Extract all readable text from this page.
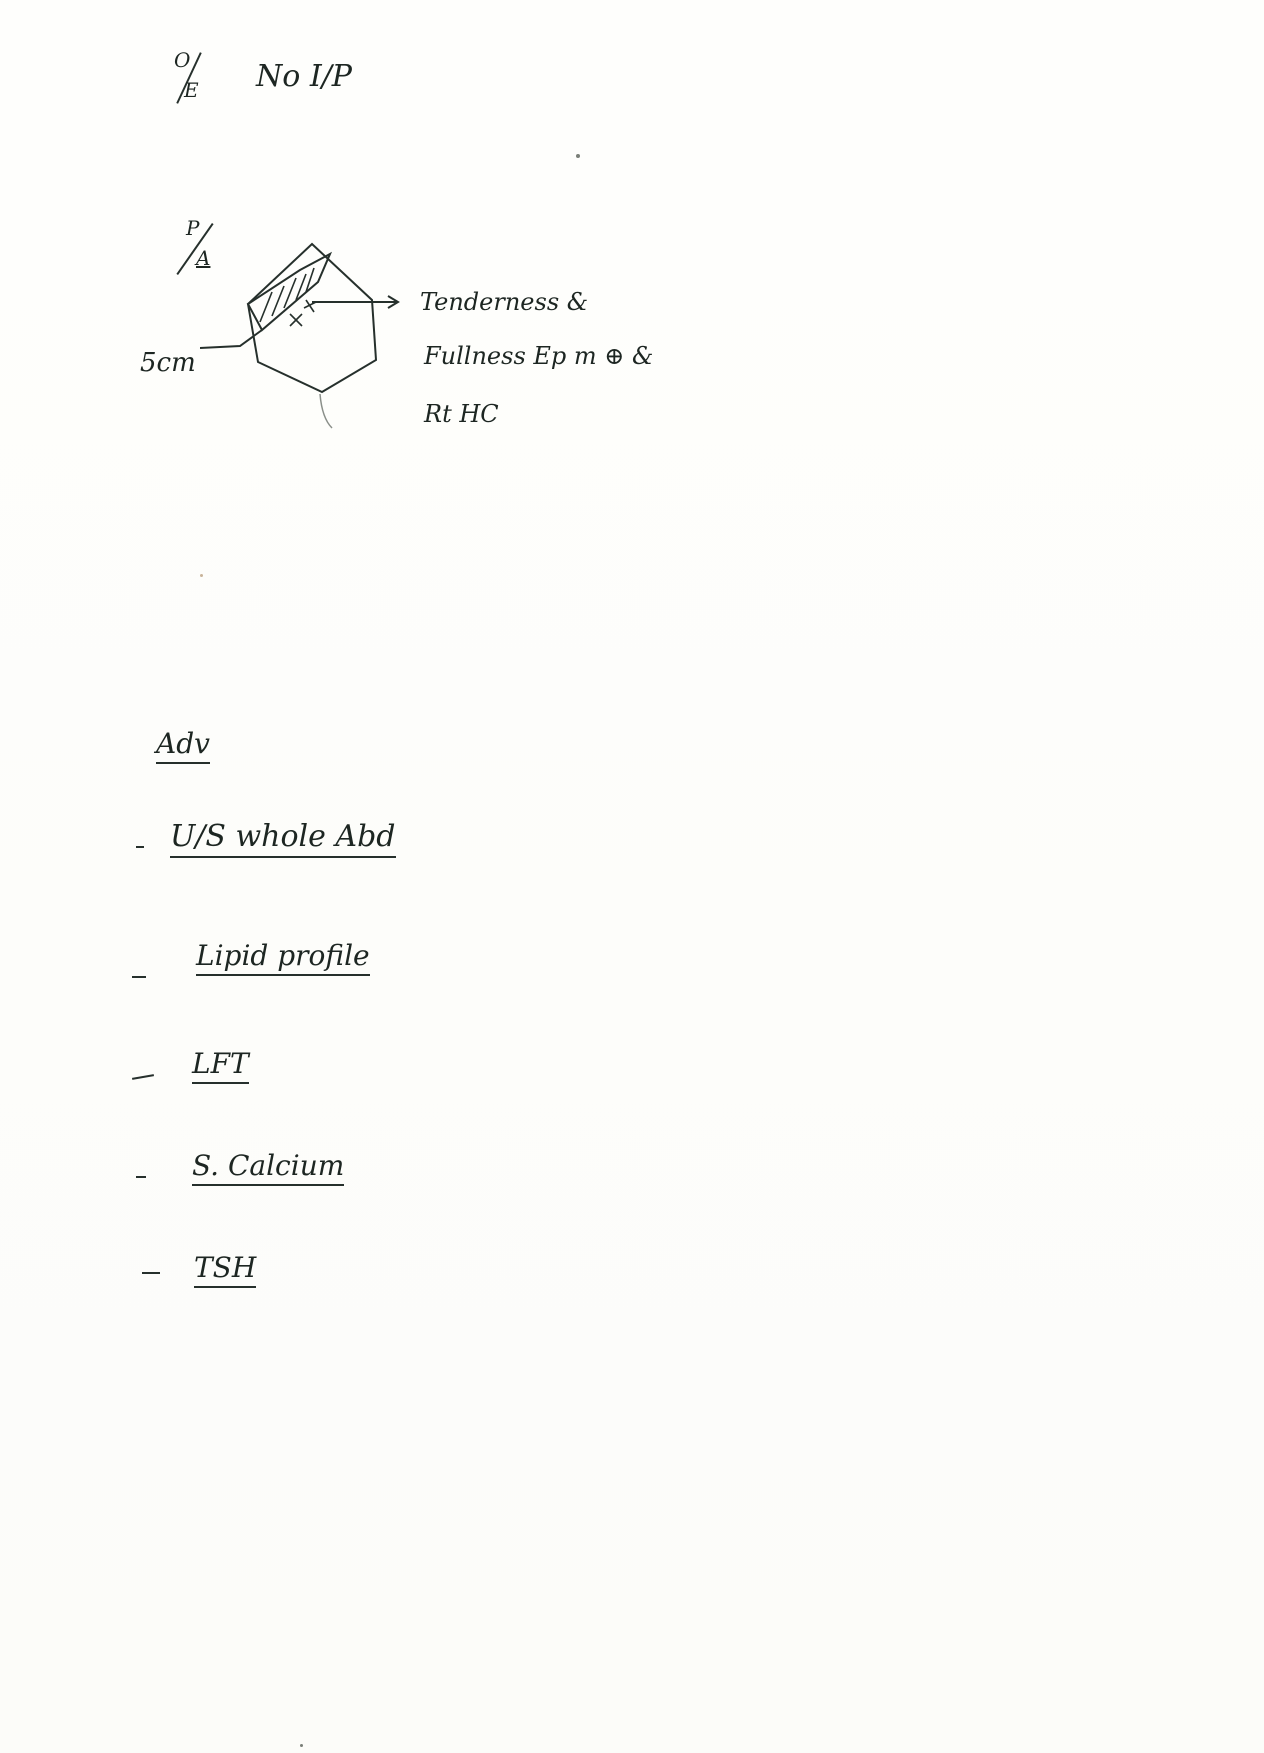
O
E No I/P
P
A
5cm
Tenderness &
Fullness Ep m ⊕ &
Rt HC
Adv
U/S whole Abd
Lipid profile
LFT
S. Calcium
TSH
